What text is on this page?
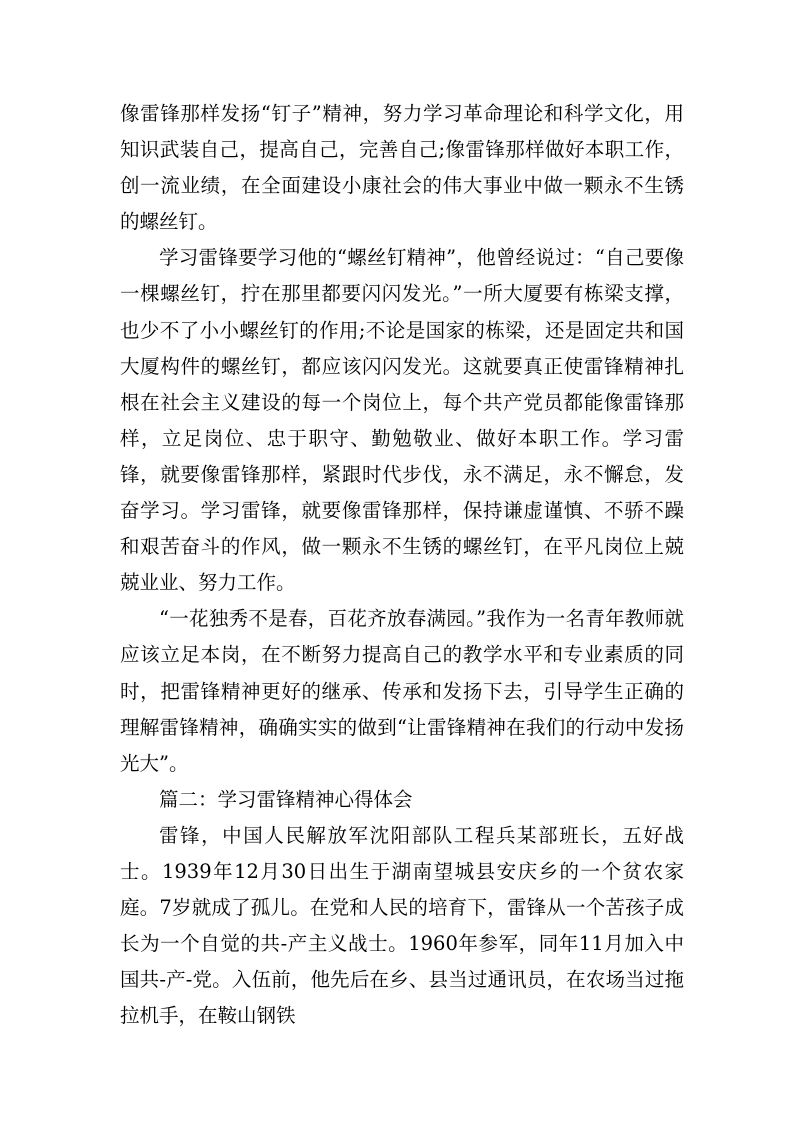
像雷锋那样发扬“钉子”精神，努力学习革命理论和科学文化，用知识武装自己，提高自己，完善自己;像雷锋那样做好本职工作，创一流业绩，在全面建设小康社会的伟大事业中做一颗永不生锈的螺丝钉。

学习雷锋要学习他的“螺丝钉精神”，他曾经说过：“自己要像一棵螺丝钉，拧在那里都要闪闪发光。”一所大厦要有栋梁支撑，也少不了小小螺丝钉的作用;不论是国家的栋梁，还是固定共和国大厦构件的螺丝钉，都应该闪闪发光。这就要真正使雷锋精神扎根在社会主义建设的每一个岗位上，每个共产党员都能像雷锋那样，立足岗位、忠于职守、勤勉敬业、做好本职工作。学习雷锋，就要像雷锋那样，紧跟时代步伐，永不满足，永不懈怠，发奋学习。学习雷锋，就要像雷锋那样，保持谦虚谨慎、不骄不躁和艰苦奋斗的作风，做一颗永不生锈的螺丝钉，在平凡岗位上兢兢业业、努力工作。

“一花独秀不是春，百花齐放春满园。”我作为一名青年教师就应该立足本岗，在不断努力提高自己的教学水平和专业素质的同时，把雷锋精神更好的继承、传承和发扬下去，引导学生正确的理解雷锋精神，确确实实的做到“让雷锋精神在我们的行动中发扬光大”。

篇二：学习雷锋精神心得体会

雷锋，中国人民解放军沈阳部队工程兵某部班长，五好战士。1939年12月30日出生于湖南望城县安庆乡的一个贫农家庭。7岁就成了孤儿。在党和人民的培育下，雷锋从一个苦孩子成长为一个自觉的共-产主义战士。1960年参军，同年11月加入中国共-产-党。入伍前，他先后在乡、县当过通讯员，在农场当过拖拉机手，在鞍山钢铁
